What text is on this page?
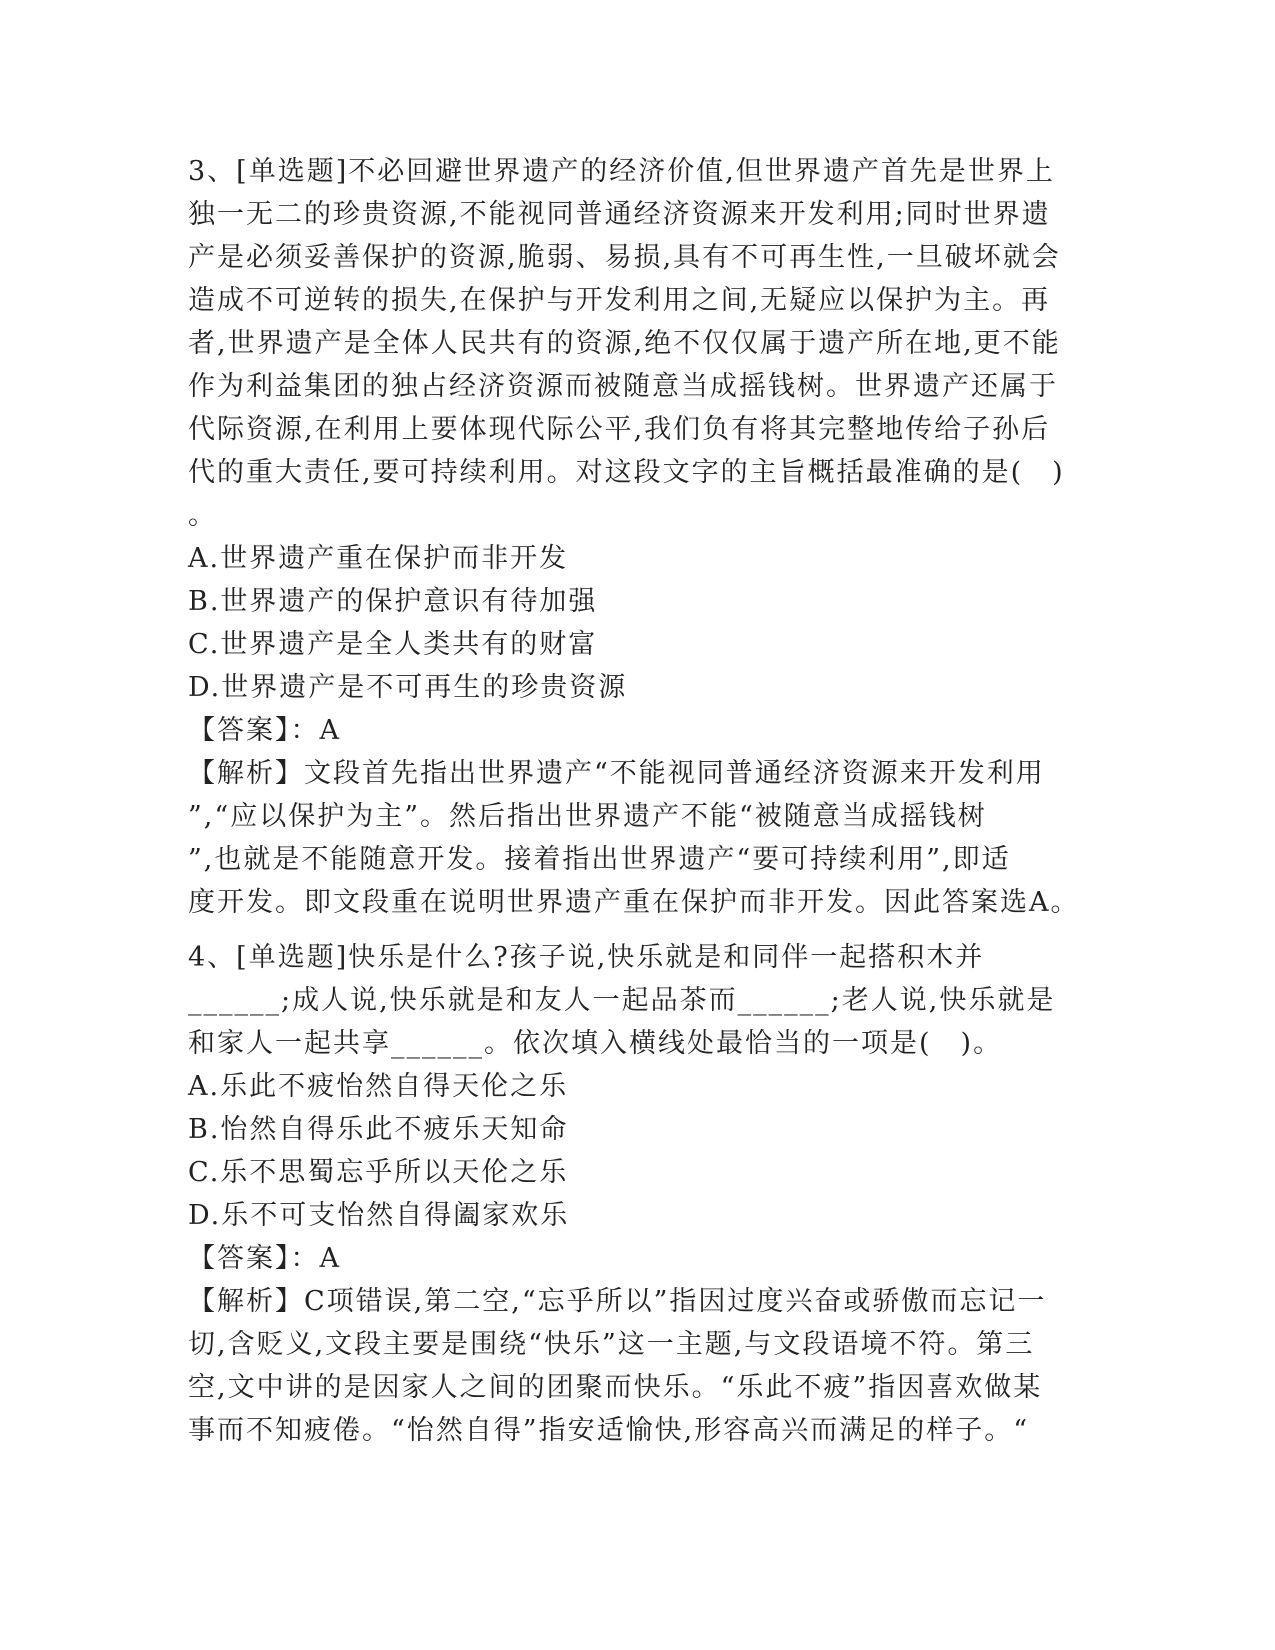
3、[单选题]不必回避世界遗产的经济价值,但世界遗产首先是世界上
独一无二的珍贵资源,不能视同普通经济资源来开发利用;同时世界遗
产是必须妥善保护的资源,脆弱、易损,具有不可再生性,一旦破坏就会
造成不可逆转的损失,在保护与开发利用之间,无疑应以保护为主。再
者,世界遗产是全体人民共有的资源,绝不仅仅属于遗产所在地,更不能
作为利益集团的独占经济资源而被随意当成摇钱树。世界遗产还属于
代际资源,在利用上要体现代际公平,我们负有将其完整地传给子孙后
代的重大责任,要可持续利用。对这段文字的主旨概括最准确的是(　)
。
A.世界遗产重在保护而非开发
B.世界遗产的保护意识有待加强
C.世界遗产是全人类共有的财富
D.世界遗产是不可再生的珍贵资源
【答案】：A
【解析】文段首先指出世界遗产“不能视同普通经济资源来开发利用
”,“应以保护为主”。然后指出世界遗产不能“被随意当成摇钱树
”,也就是不能随意开发。接着指出世界遗产“要可持续利用”,即适
度开发。即文段重在说明世界遗产重在保护而非开发。因此答案选A。
4、[单选题]快乐是什么?孩子说,快乐就是和同伴一起搭积木并
______;成人说,快乐就是和友人一起品茶而______;老人说,快乐就是
和家人一起共享______。依次填入横线处最恰当的一项是(　)。
A.乐此不疲怡然自得天伦之乐
B.怡然自得乐此不疲乐天知命
C.乐不思蜀忘乎所以天伦之乐
D.乐不可支怡然自得阖家欢乐
【答案】：A
【解析】C项错误,第二空,“忘乎所以”指因过度兴奋或骄傲而忘记一
切,含贬义,文段主要是围绕“快乐”这一主题,与文段语境不符。第三
空,文中讲的是因家人之间的团聚而快乐。“乐此不疲”指因喜欢做某
事而不知疲倦。“怡然自得”指安适愉快,形容高兴而满足的样子。“
